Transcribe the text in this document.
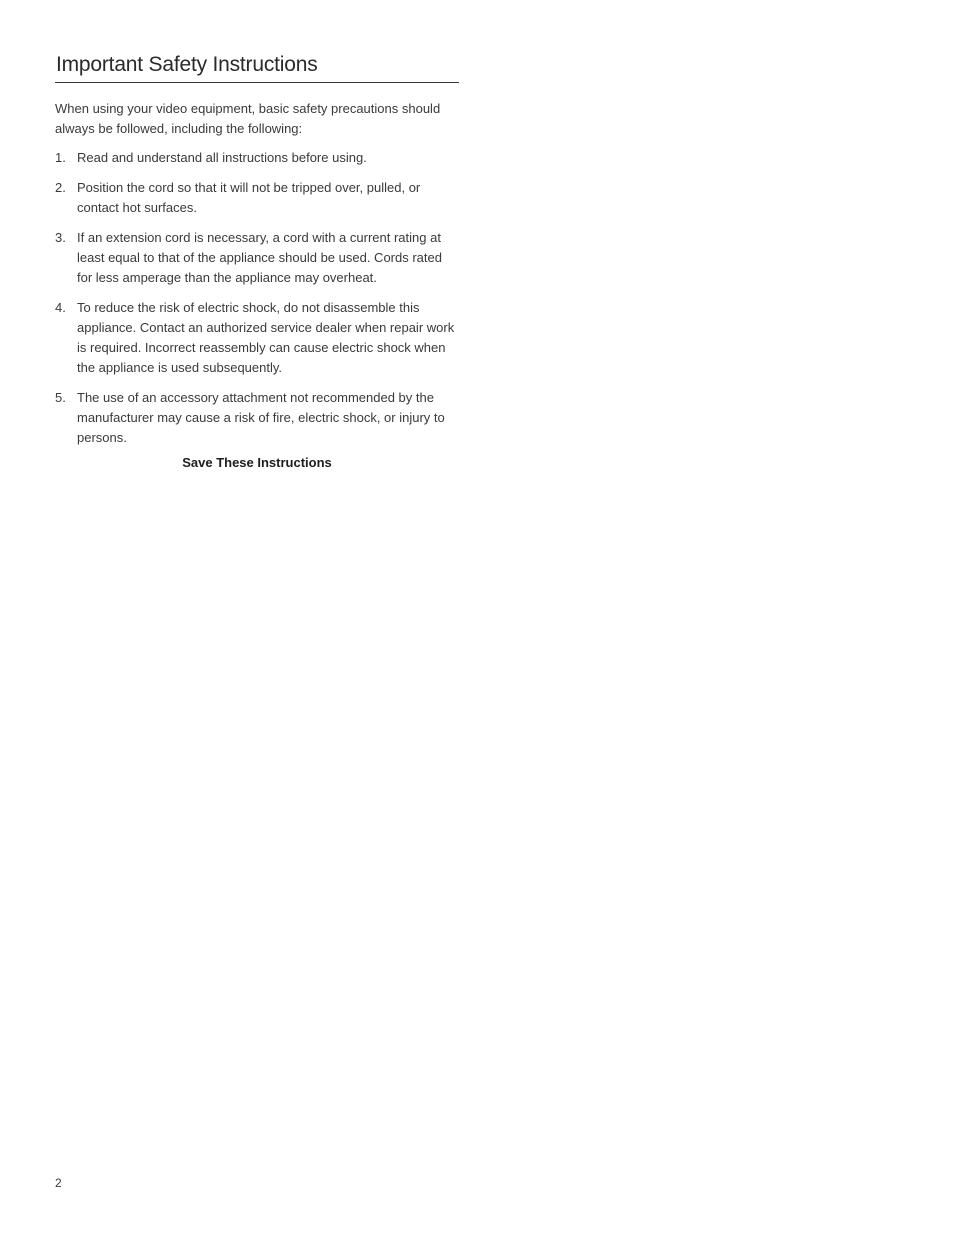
Important Safety Instructions

When using your video equipment, basic safety precautions should always be followed, including the following:

1. Read and understand all instructions before using.
2. Position the cord so that it will not be tripped over, pulled, or contact hot surfaces.
3. If an extension cord is necessary, a cord with a current rating at least equal to that of the appliance should be used. Cords rated for less amperage than the appliance may overheat.
4. To reduce the risk of electric shock, do not disassemble this appliance. Contact an authorized service dealer when repair work is required. Incorrect reassembly can cause electric shock when the appliance is used subsequently.
5. The use of an accessory attachment not recommended by the manufacturer may cause a risk of fire, electric shock, or injury to persons.

Save These Instructions

2
